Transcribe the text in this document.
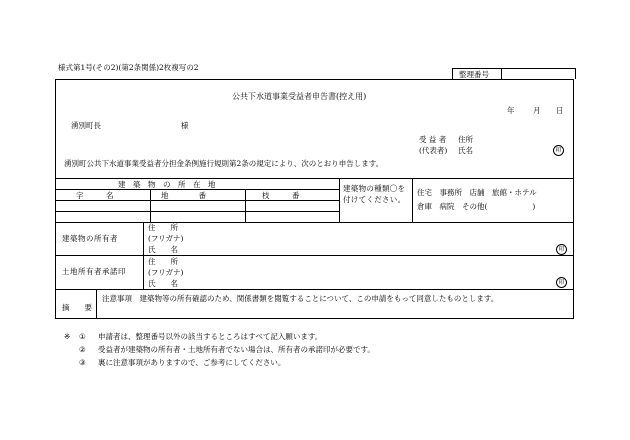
様式第1号(その2)(第2条関係)2枚複写の2
整理番号
公共下水道事業受益者申告書(控え用)
年 月 日
湧別町長	様
受 益 者 住所
(代表者) 氏名	印
湧別町公共下水道事業受益者分担金条例施行規則第2条の規定により、次のとおり申告します。
建　築　物　の　所　在　地
字　　　名	地　　　　番	枝　　　番
建築物の種類〇を付けてください。
住宅　事務所　店舗　旅館・ホテル
倉庫　病院　その他(　　　　　　)
建築物の所有者
住　　所
(フリガナ)
氏　　名	印
土地所有者承諾印
住　　所
(フリガナ)
氏　　名	印
摘　　要
注意事項　建築物等の所有確認のため、関係書類を閲覧することについて、この申請をもって同意したものとします。
※ ① 申請者は、整理番号以外の該当するところはすべて記入願います。
② 受益者が建築物の所有者・土地所有者でない場合は、所有者の承諾印が必要です。
③ 裏に注意事項がありますので、ご参考にしてください。
